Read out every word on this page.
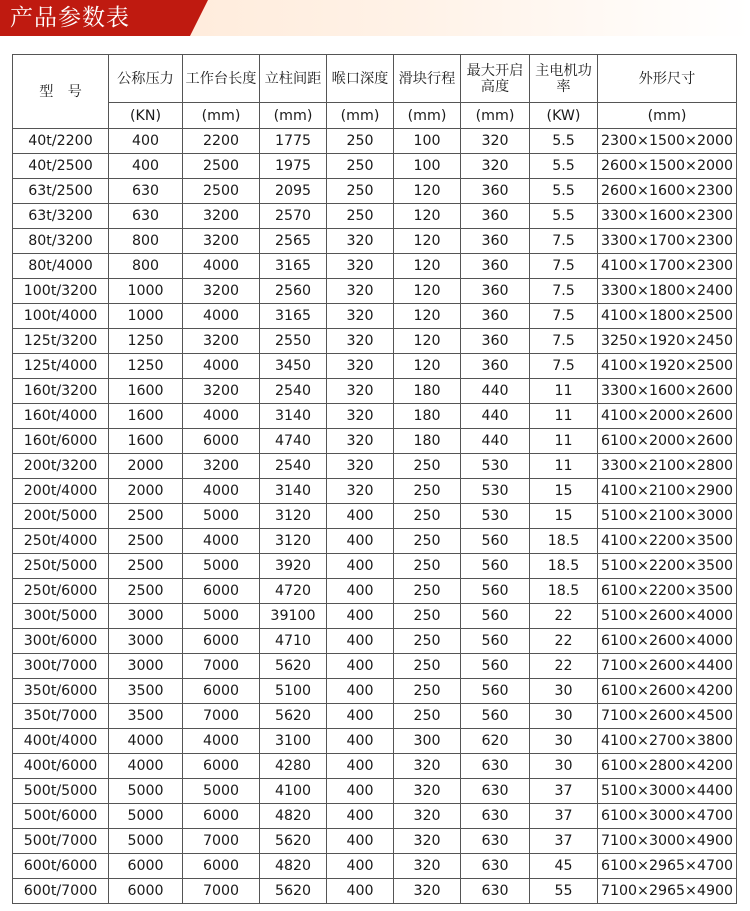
产品参数表
型　号	公称压力	工作台长度	立柱间距	喉口深度	滑块行程	最大开启高度	主电机功率	外形尺寸
	(KN)	(mm)	(mm)	(mm)	(mm)	(mm)	(KW)	(mm)
40t/2200	400	2200	1775	250	100	320	5.5	2300×1500×2000
40t/2500	400	2500	1975	250	100	320	5.5	2600×1500×2000
63t/2500	630	2500	2095	250	120	360	5.5	2600×1600×2300
63t/3200	630	3200	2570	250	120	360	5.5	3300×1600×2300
80t/3200	800	3200	2565	320	120	360	7.5	3300×1700×2300
80t/4000	800	4000	3165	320	120	360	7.5	4100×1700×2300
100t/3200	1000	3200	2560	320	120	360	7.5	3300×1800×2400
100t/4000	1000	4000	3165	320	120	360	7.5	4100×1800×2500
125t/3200	1250	3200	2550	320	120	360	7.5	3250×1920×2450
125t/4000	1250	4000	3450	320	120	360	7.5	4100×1920×2500
160t/3200	1600	3200	2540	320	180	440	11	3300×1600×2600
160t/4000	1600	4000	3140	320	180	440	11	4100×2000×2600
160t/6000	1600	6000	4740	320	180	440	11	6100×2000×2600
200t/3200	2000	3200	2540	320	250	530	11	3300×2100×2800
200t/4000	2000	4000	3140	320	250	530	15	4100×2100×2900
200t/5000	2500	5000	3120	400	250	530	15	5100×2100×3000
250t/4000	2500	4000	3120	400	250	560	18.5	4100×2200×3500
250t/5000	2500	5000	3920	400	250	560	18.5	5100×2200×3500
250t/6000	2500	6000	4720	400	250	560	18.5	6100×2200×3500
300t/5000	3000	5000	39100	400	250	560	22	5100×2600×4000
300t/6000	3000	6000	4710	400	250	560	22	6100×2600×4000
300t/7000	3000	7000	5620	400	250	560	22	7100×2600×4400
350t/6000	3500	6000	5100	400	250	560	30	6100×2600×4200
350t/7000	3500	7000	5620	400	250	560	30	7100×2600×4500
400t/4000	4000	4000	3100	400	300	620	30	4100×2700×3800
400t/6000	4000	6000	4280	400	320	630	30	6100×2800×4200
500t/5000	5000	5000	4100	400	320	630	37	5100×3000×4400
500t/6000	5000	6000	4820	400	320	630	37	6100×3000×4700
500t/7000	5000	7000	5620	400	320	630	37	7100×3000×4900
600t/6000	6000	6000	4820	400	320	630	45	6100×2965×4700
600t/7000	6000	7000	5620	400	320	630	55	7100×2965×4900
